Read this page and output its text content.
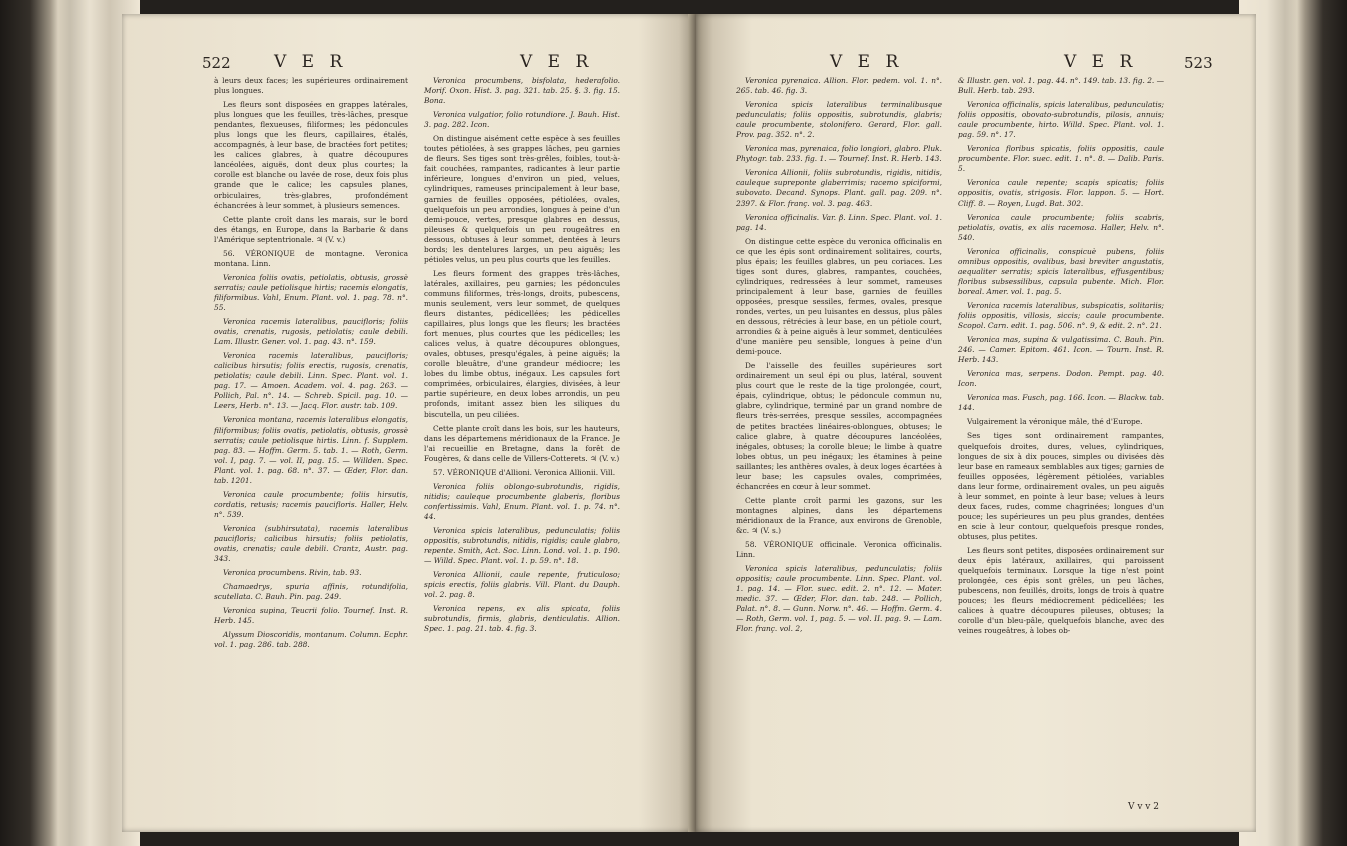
522	V E R	V E R

à leurs deux faces; les supérieures ordinairement plus longues.

Les fleurs sont disposées en grappes latérales, plus longues que les feuilles, très-lâches, presque pendantes, flexueuses, filiformes; les pédoncules plus longs que les fleurs, capillaires, étalés, accompagnés, à leur base, de bractées fort petites; les calices glabres, à quatre découpures lancéolées, aiguës, dont deux plus courtes; la corolle est blanche ou lavée de rose, deux fois plus grande que le calice; les capsules planes, orbiculaires, très-glabres, profondément échancrées à leur sommet, à plusieurs semences.

Cette plante croît dans les marais, sur le bord des étangs, en Europe, dans la Barbarie & dans l'Amérique septentrionale. ♃ (V. v.)

56. VÉRONIQUE de montagne. Veronica montana. Linn.

Veronica foliis ovatis, petiolatis, obtusis, grossè serratis; caule petiolisque hirtis; racemis elongatis, filiformibus. Vahl, Enum. Plant. vol. 1. pag. 78. n°. 55.

Veronica racemis lateralibus, paucifloris; foliis ovatis, crenatis, rugosis, petiolatis; caule debili. Lam. Illustr. Gener. vol. 1. pag. 43. n°. 159.

Veronica racemis lateralibus, paucifloris; calicibus hirsutis; foliis erectis, rugosis, crenatis, petiolatis; caule debili. Linn. Spec. Plant. vol. 1. pag. 17. — Amoen. Academ. vol. 4. pag. 263. — Pollich, Pal. n°. 14. — Schreb. Spicil. pag. 10. — Leers, Herb. n°. 13. — Jacq. Flor. austr. tab. 109.

Veronica montana, racemis lateralibus elongatis, filiformibus; foliis ovatis, petiolatis, obtusis, grossè serratis; caule petiolisque hirtis. Linn. f. Supplem. pag. 83. — Hoffm. Germ. 5. tab. 1. — Roth, Germ. vol. I, pag. 7. — vol. II, pag. 15. — Willden. Spec. Plant. vol. 1. pag. 68. n°. 37. — Œder, Flor. dan. tab. 1201.

Veronica caule procumbente; foliis hirsutis, cordatis, retusis; racemis paucifloris. Haller, Helv. n°. 539.

Veronica (subhirsutata), racemis lateralibus paucifloris; calicibus hirsutis; foliis petiolatis, ovatis, crenatis; caule debili. Crantz, Austr. pag. 343.

Veronica procumbens. Rivin, tab. 93.

Chamaedrys, spuria affinis, rotundifolia, scutellata. C. Bauh. Pin. pag. 249.

Veronica supina, Teucrii folio. Tournef. Inst. R. Herb. 145.

Alyssum Dioscoridis, montanum. Column. Ecphr. vol. 1. pag. 286. tab. 288.

Veronica procumbens, bisfolata, hederafolio. Morif. Oxon. Hist. 3. pag. 321. tab. 25. §. 3. fig. 15. Bona.

Veronica vulgatior, folio rotundiore. J. Bauh. Hist. 3. pag. 282. Icon.

On distingue aisément cette espèce à ses feuilles toutes pétiolées, à ses grappes lâches, peu garnies de fleurs. Ses tiges sont très-grêles, foibles, tout-à-fait couchées, rampantes, radicantes à leur partie inférieure, longues d'environ un pied, velues, cylindriques, rameuses principalement à leur base, garnies de feuilles opposées, pétiolées, ovales, quelquefois un peu arrondies, longues à peine d'un demi-pouce, vertes, presque glabres en dessus, pileuses & quelquefois un peu rougeâtres en dessous, obtuses à leur sommet, dentées à leurs bords; les dentelures larges, un peu aiguës; les pétioles velus, un peu plus courts que les feuilles.

Les fleurs forment des grappes très-lâches, latérales, axillaires, peu garnies; les pédoncules communs filiformes, très-longs, droits, pubescens, munis seulement, vers leur sommet, de quelques fleurs distantes, pédicellées; les pédicelles capillaires, plus longs que les fleurs; les bractées fort menues, plus courtes que les pédicelles; les calices velus, à quatre découpures oblongues, ovales, obtuses, presqu'égales, à peine aiguës; la corolle bleuâtre, d'une grandeur médiocre; les lobes du limbe obtus, inégaux. Les capsules fort comprimées, orbiculaires, élargies, divisées, à leur partie supérieure, en deux lobes arrondis, un peu profonds, imitant assez bien les siliques du biscutella, un peu ciliées.

Cette plante croît dans les bois, sur les hauteurs, dans les départemens méridionaux de la France. Je l'ai recueillie en Bretagne, dans la forêt de Fougères, & dans celle de Villers-Cotterets. ♃ (V. v.)

57. VÉRONIQUE d'Allioni. Veronica Allionii. Vill.

Veronica foliis oblongo-subrotundis, rigidis, nitidis; cauleque procumbente glaberis, floribus confertissimis. Vahl, Enum. Plant. vol. 1. p. 74. n°. 44.

Veronica spicis lateralibus, pedunculatis; foliis oppositis, subrotundis, nitidis, rigidis; caule glabro, repente. Smith, Act. Soc. Linn. Lond. vol. 1. p. 190. — Willd. Spec. Plant. vol. 1. p. 59. n°. 18.

Veronica Allionii, caule repente, fruticuloso; spicis erectis, foliis glabris. Vill. Plant. du Dauph. vol. 2. pag. 8.

Veronica repens, ex alis spicata, foliis subrotundis, firmis, glabris, denticulatis. Allion. Spec. 1. pag. 21. tab. 4. fig. 3.

V E R	V E R	523

Veronica pyrenaica. Allion. Flor. pedem. vol. 1. n°. 265. tab. 46. fig. 3.

Veronica spicis lateralibus terminalibusque pedunculatis; foliis oppositis, subrotundis, glabris; caule procumbente, stolonifero. Gerard, Flor. gall. Prov. pag. 352. n°. 2.

Veronica mas, pyrenaica, folio longiori, glabro. Pluk. Phytogr. tab. 233. fig. 1. — Tournef. Inst. R. Herb. 143.

Veronica Allionii, foliis subrotundis, rigidis, nitidis, cauleque supreponte glaberrimis; racemo spiciformi, subovato. Decand. Synops. Plant. gall. pag. 209. n°. 2397. & Flor. franç. vol. 3. pag. 463.

Veronica officinalis. Var. β. Linn. Spec. Plant. vol. 1. pag. 14.

On distingue cette espèce du veronica officinalis en ce que les épis sont ordinairement solitaires, courts, plus épais; les feuilles glabres, un peu coriaces. Les tiges sont dures, glabres, rampantes, couchées, cylindriques, redressées à leur sommet, rameuses principalement à leur base, garnies de feuilles opposées, presque sessiles, fermes, ovales, presque rondes, vertes, un peu luisantes en dessus, plus pâles en dessous, rétrécies à leur base, en un pétiole court, arrondies & à peine aiguës à leur sommet, denticulées d'une manière peu sensible, longues à peine d'un demi-pouce.

De l'aisselle des feuilles supérieures sort ordinairement un seul épi ou plus, latéral, souvent plus court que le reste de la tige prolongée, court, épais, cylindrique, obtus; le pédoncule commun nu, glabre, cylindrique, terminé par un grand nombre de fleurs très-serrées, presque sessiles, accompagnées de petites bractées linéaires-oblongues, obtuses; le calice glabre, à quatre découpures lancéolées, inégales, obtuses; la corolle bleue; le limbe à quatre lobes obtus, un peu inégaux; les étamines à peine saillantes; les anthères ovales, à deux loges écartées à leur base; les capsules ovales, comprimées, échancrées en cœur à leur sommet.

Cette plante croît parmi les gazons, sur les montagnes alpines, dans les départemens méridionaux de la France, aux environs de Grenoble, &c. ♃ (V. s.)

58. VÉRONIQUE officinale. Veronica officinalis. Linn.

Veronica spicis lateralibus, pedunculatis; foliis oppositis; caule procumbente. Linn. Spec. Plant. vol. 1. pag. 14. — Flor. suec. edit. 2. n°. 12. — Mater. medic. 37. — Œder, Flor. dan. tab. 248. — Pollich, Palat. n°. 8. — Gunn. Norw. n°. 46. — Hoffm. Germ. 4. — Roth, Germ. vol. 1, pag. 5. — vol. II. pag. 9. — Lam. Flor. franç. vol. 2,

& Illustr. gen. vol. 1. pag. 44. n°. 149. tab. 13. fig. 2. — Bull. Herb. tab. 293.

Veronica officinalis, spicis lateralibus, pedunculatis; foliis oppositis, obovato-subrotundis, pilosis, annuis; caule procumbente, hirto. Willd. Spec. Plant. vol. 1. pag. 59. n°. 17.

Veronica floribus spicatis, foliis oppositis, caule procumbente. Flor. suec. edit. 1. n°. 8. — Dalib. Paris. 5.

Veronica caule repente; scapis spicatis; foliis oppositis, ovatis, strigosis. Flor. lappon. 5. — Hort. Cliff. 8. — Royen, Lugd. Bat. 302.

Veronica caule procumbente; foliis scabris, petiolatis, ovatis, ex alis racemosa. Haller, Helv. n°. 540.

Veronica officinalis, conspicuè pubens, foliis omnibus oppositis, ovalibus, basi breviter angustatis, aequaliter serratis; spicis lateralibus, effusgentibus; floribus subsessilibus, capsula pubente. Mich. Flor. boreal. Amer. vol. 1. pag. 5.

Veronica racemis lateralibus, subspicatis, solitariis; foliis oppositis, villosis, siccis; caule procumbente. Scopol. Carn. edit. 1. pag. 506. n°. 9, & edit. 2. n°. 21.

Veronica mas, supina & vulgatissima. C. Bauh. Pin. 246. — Camer. Epitom. 461. Icon. — Tourn. Inst. R. Herb. 143.

Veronica mas, serpens. Dodon. Pempt. pag. 40. Icon.

Veronica mas. Fusch, pag. 166. Icon. — Blackw. tab. 144.

Vulgairement la véronique mâle, thé d'Europe.

Ses tiges sont ordinairement rampantes, quelquefois droites, dures, velues, cylindriques, longues de six à dix pouces, simples ou divisées dès leur base en rameaux semblables aux tiges; garnies de feuilles opposées, légèrement pétiolées, variables dans leur forme, ordinairement ovales, un peu aiguës à leur sommet, en pointe à leur base; velues à leurs deux faces, rudes, comme chagrinées; longues d'un pouce; les supérieures un peu plus grandes, dentées en scie à leur contour, quelquefois presque rondes, obtuses, plus petites.

Les fleurs sont petites, disposées ordinairement sur deux épis latéraux, axillaires, qui paroissent quelquefois terminaux. Lorsque la tige n'est point prolongée, ces épis sont grêles, un peu lâches, pubescens, non feuillés, droits, longs de trois à quatre pouces; les fleurs médiocrement pédicellées; les calices à quatre découpures pileuses, obtuses; la corolle d'un bleu-pâle, quelquefois blanche, avec des veines rougeâtres, à lobes ob-

V v v 2
